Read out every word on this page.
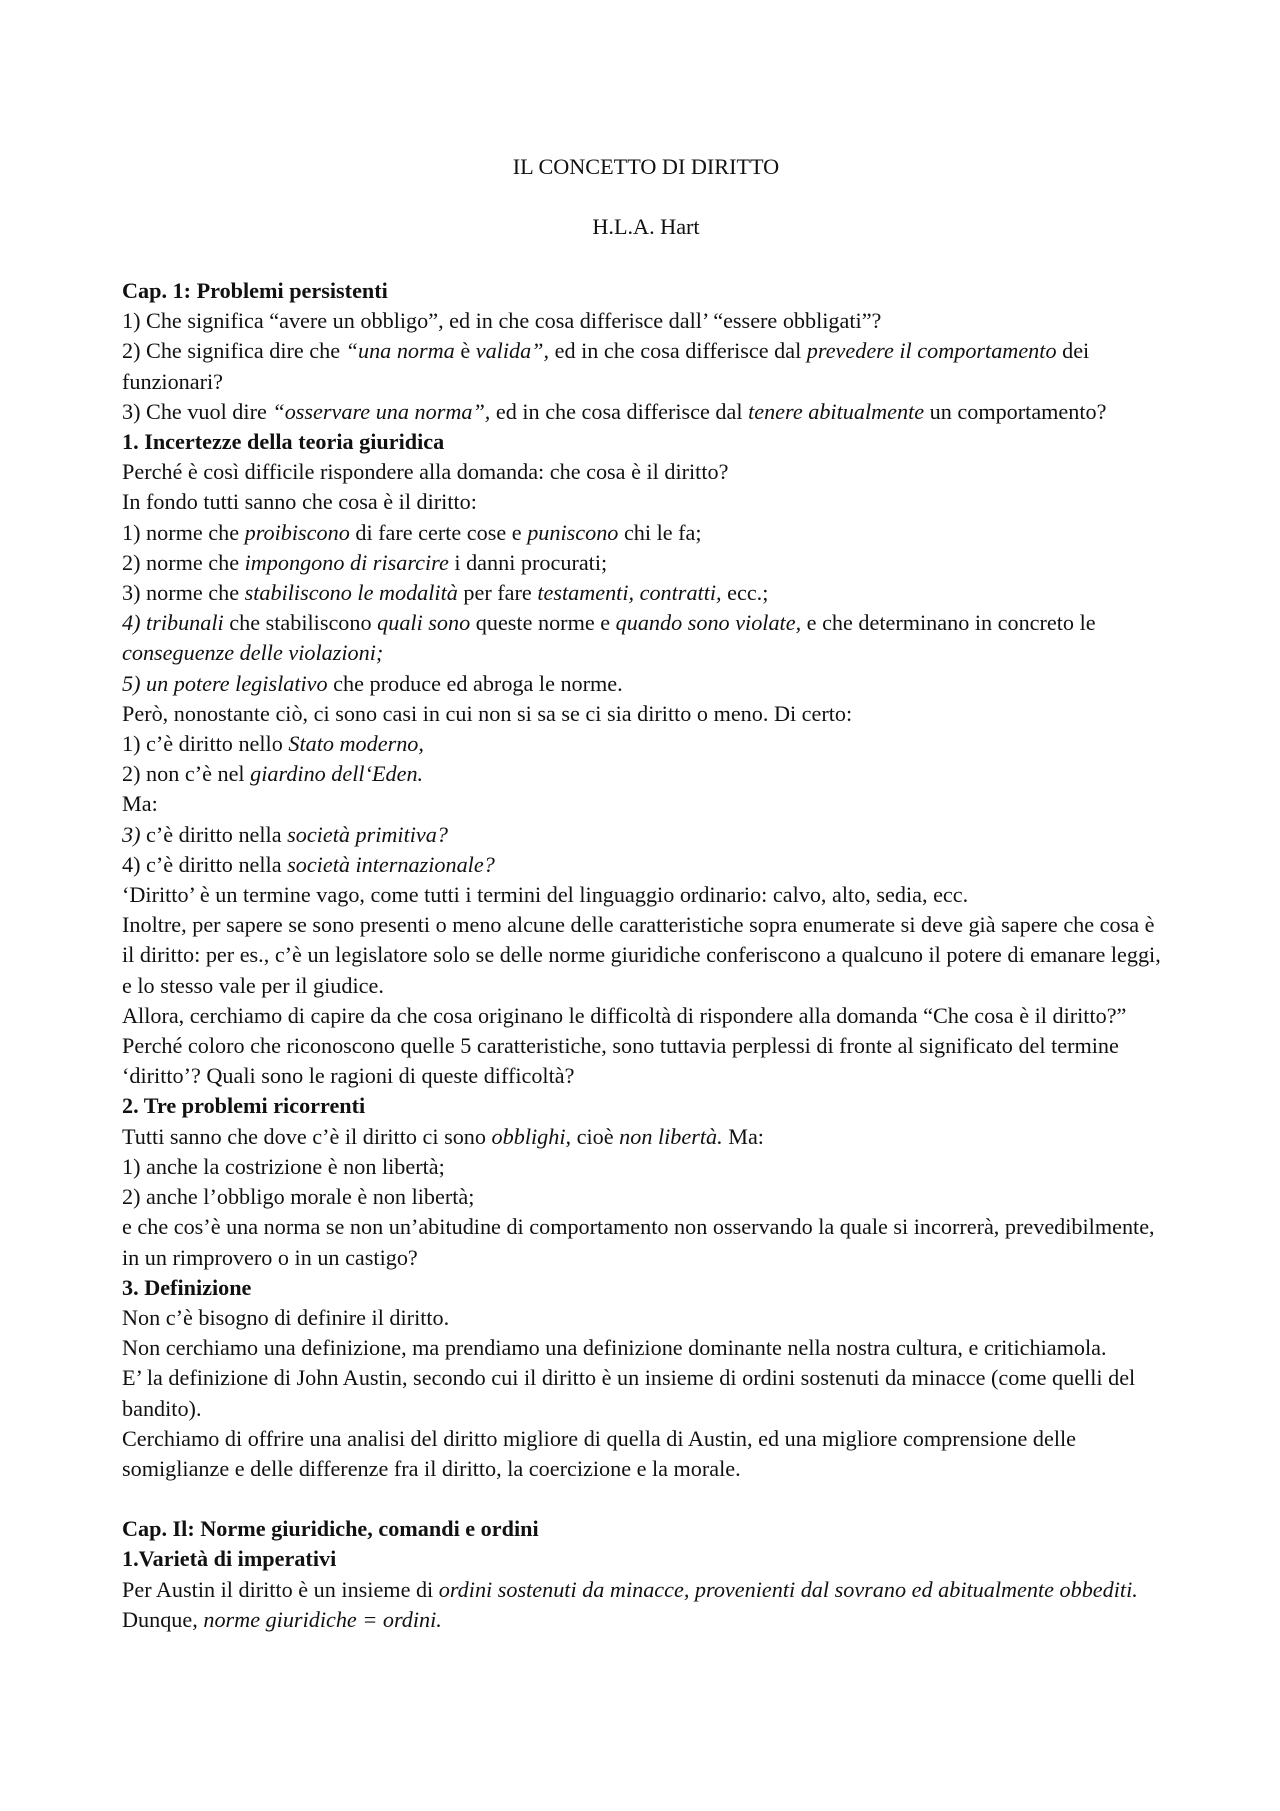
IL CONCETTO DI DIRITTO

H.L.A. Hart

Cap. 1: Problemi persistenti

1) Che significa “avere un obbligo”, ed in che cosa differisce dall’ “essere obbligati”?

2) Che significa dire che “una norma è valida”, ed in che cosa differisce dal prevedere il comportamento dei funzionari?

3) Che vuol dire “osservare una norma”, ed in che cosa differisce dal tenere abitualmente un comportamento?

1. Incertezze della teoria giuridica

Perché è così difficile rispondere alla domanda: che cosa è il diritto?

In fondo tutti sanno che cosa è il diritto:

1) norme che proibiscono di fare certe cose e puniscono chi le fa;

2) norme che impongono di risarcire i danni procurati;

3) norme che stabiliscono le modalità per fare testamenti, contratti, ecc.;

4) tribunali che stabiliscono quali sono queste norme e quando sono violate, e che determinano in concreto le conseguenze delle violazioni;

5) un potere legislativo che produce ed abroga le norme.

Però, nonostante ciò, ci sono casi in cui non si sa se ci sia diritto o meno. Di certo:

1) c’è diritto nello Stato moderno,

2) non c’è nel giardino dell‘Eden.

Ma:

3) c’è diritto nella società primitiva?

4) c’è diritto nella società internazionale?

‘Diritto’ è un termine vago, come tutti i termini del linguaggio ordinario: calvo, alto, sedia, ecc.

Inoltre, per sapere se sono presenti o meno alcune delle caratteristiche sopra enumerate si deve già sapere che cosa è il diritto: per es., c’è un legislatore solo se delle norme giuridiche conferiscono a qualcuno il potere di emanare leggi, e lo stesso vale per il giudice.

Allora, cerchiamo di capire da che cosa originano le difficoltà di rispondere alla domanda “Che cosa è il diritto?” Perché coloro che riconoscono quelle 5 caratteristiche, sono tuttavia perplessi di fronte al significato del termine ‘diritto’? Quali sono le ragioni di queste difficoltà?

2. Tre problemi ricorrenti

Tutti sanno che dove c’è il diritto ci sono obblighi, cioè non libertà. Ma:

1) anche la costrizione è non libertà;

2) anche l’obbligo morale è non libertà;

e che cos’è una norma se non un’abitudine di comportamento non osservando la quale si incorrerà, prevedibilmente, in un rimprovero o in un castigo?

3. Definizione

Non c’è bisogno di definire il diritto.

Non cerchiamo una definizione, ma prendiamo una definizione dominante nella nostra cultura, e critichiamola.

E’ la definizione di John Austin, secondo cui il diritto è un insieme di ordini sostenuti da minacce (come quelli del bandito).

Cerchiamo di offrire una analisi del diritto migliore di quella di Austin, ed una migliore comprensione delle somiglianze e delle differenze fra il diritto, la coercizione e la morale.

Cap. Il: Norme giuridiche, comandi e ordini

1.Varietà di imperativi

Per Austin il diritto è un insieme di ordini sostenuti da minacce, provenienti dal sovrano ed abitualmente obbediti. Dunque, norme giuridiche = ordini.
